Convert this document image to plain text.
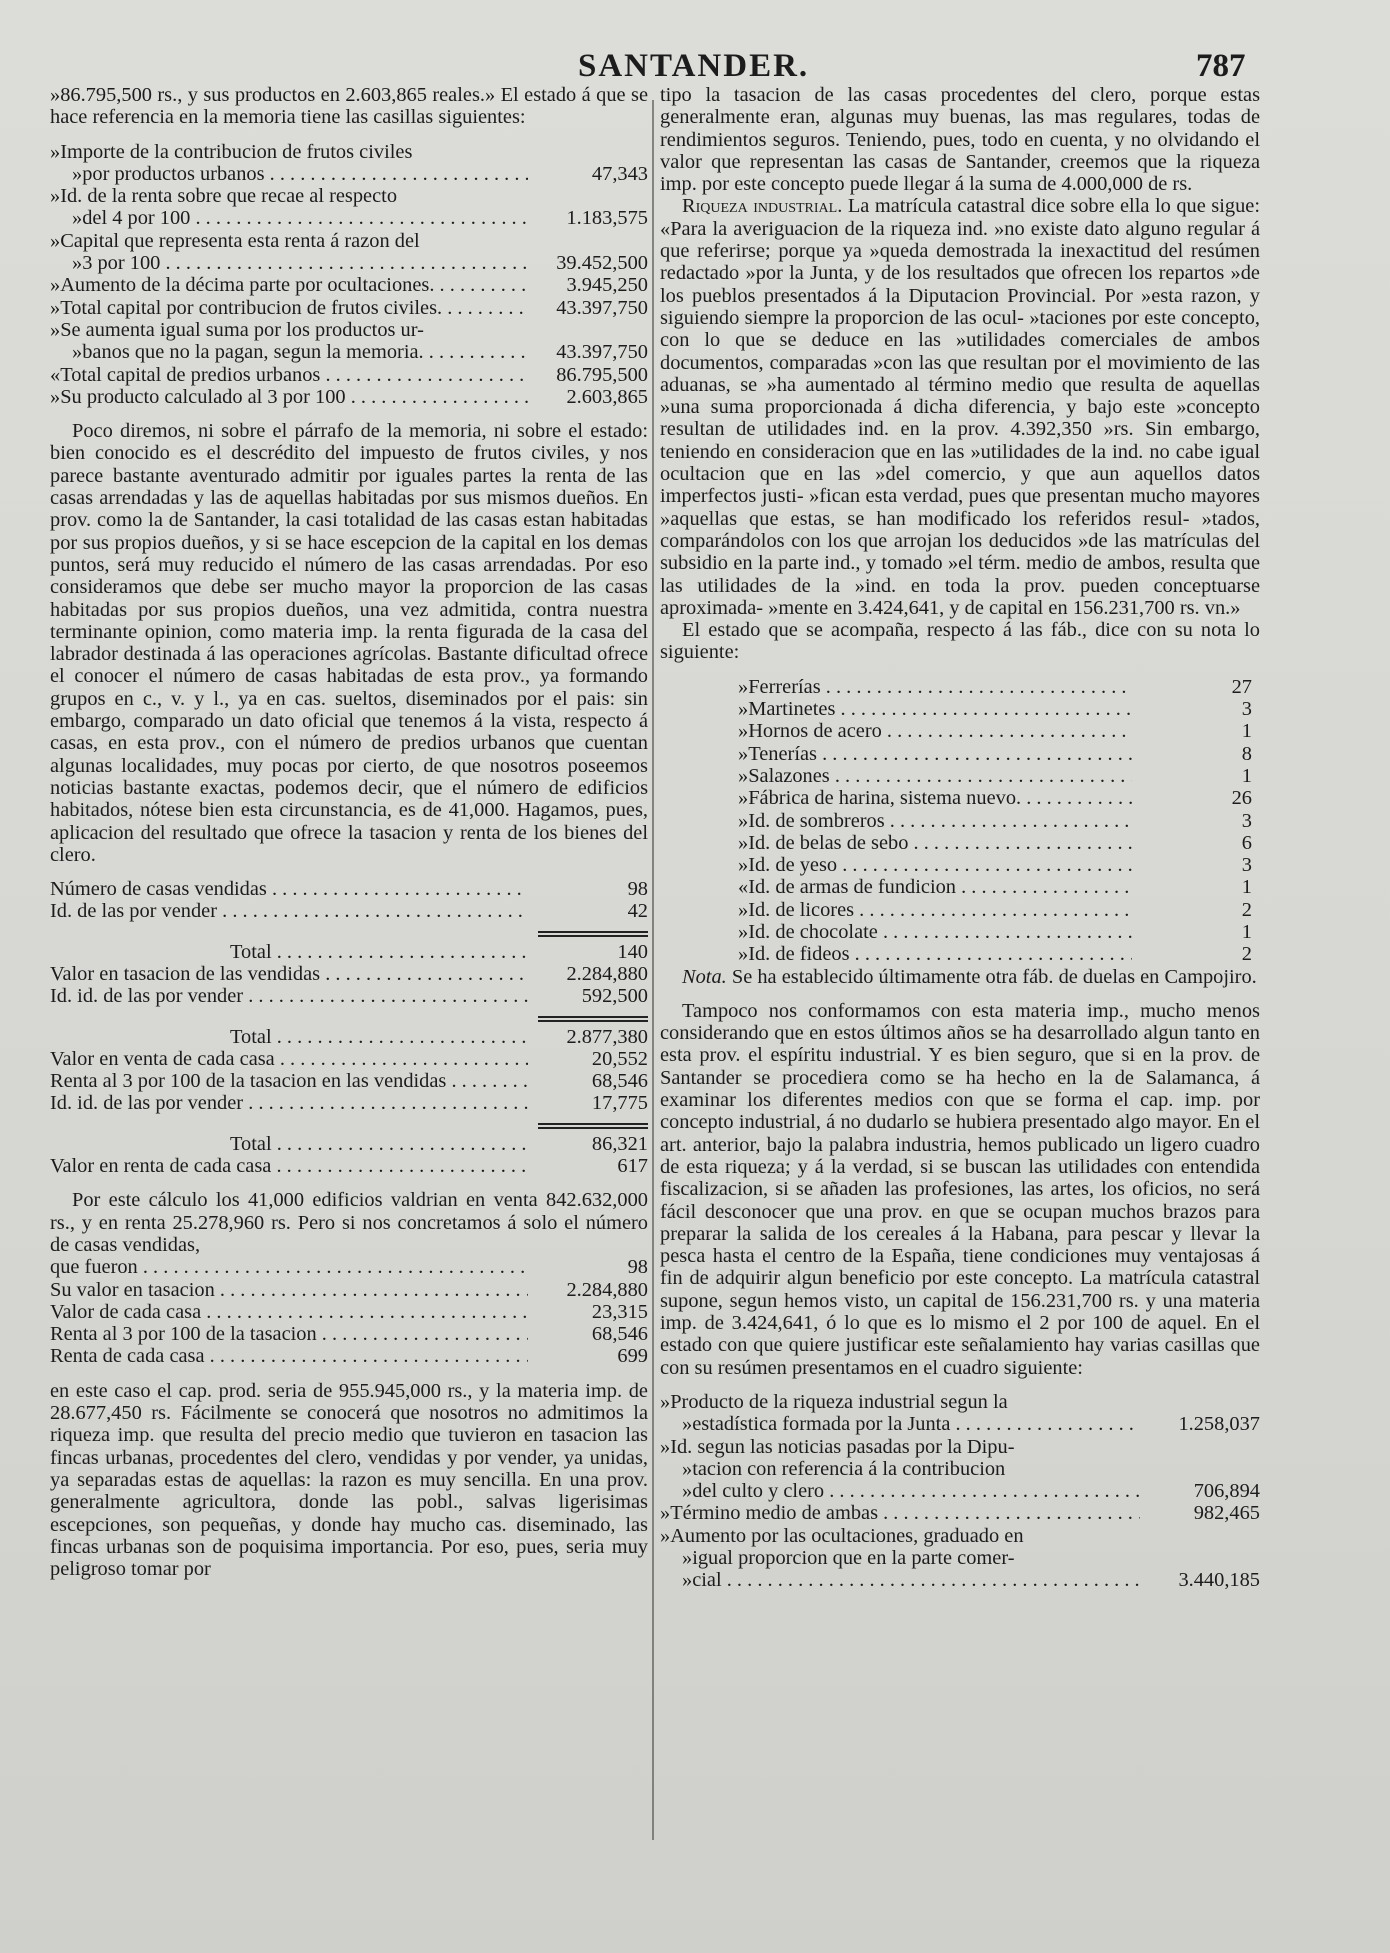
SANTANDER.	787

»86.795,500 rs., y sus productos en 2.603,865 reales.» El estado á que se hace referencia en la memoria tiene las casillas siguientes:

»Importe de la contribucion de frutos civiles
»por productos urbanos . . .	47,343
»Id. de la renta sobre que recae al respecto
»del 4 por 100 . . .	1.183,575
»Capital que representa esta renta á razon del
»3 por 100 . . .	39.452,500
»Aumento de la décima parte por ocultaciones. . . .	3.945,250
»Total capital por contribucion de frutos civiles. . . .	43.397,750
»Se aumenta igual suma por los productos ur-
»banos que no la pagan, segun la memoria. . . . .	43.397,750
«Total capital de predios urbanos . . .	86.795,500
»Su producto calculado al 3 por 100 . . .	2.603,865

Poco diremos, ni sobre el párrafo de la memoria, ni sobre el estado: bien conocido es el descrédito del impuesto de frutos civiles, y nos parece bastante aventurado admitir por iguales partes la renta de las casas arrendadas y las de aquellas habitadas por sus mismos dueños. En prov. como la de Santander, la casi totalidad de las casas estan habitadas por sus propios dueños, y si se hace escepcion de la capital en los demas puntos, será muy reducido el número de las casas arrendadas. Por eso consideramos que debe ser mucho mayor la proporcion de las casas habitadas por sus propios dueños, una vez admitida, contra nuestra terminante opinion, como materia imp. la renta figurada de la casa del labrador destinada á las operaciones agrícolas. Bastante dificultad ofrece el conocer el número de casas habitadas de esta prov., ya formando grupos en c., v. y l., ya en cas. sueltos, diseminados por el pais: sin embargo, comparado un dato oficial que tenemos á la vista, respecto á casas, en esta prov., con el número de predios urbanos que cuentan algunas localidades, muy pocas por cierto, de que nosotros poseemos noticias bastante exactas, podemos decir, que el número de edificios habitados, nótese bien esta circunstancia, es de 41,000. Hagamos, pues, aplicacion del resultado que ofrece la tasacion y renta de los bienes del clero.

Número de casas vendidas . . .	98
Id. de las por vender . . .	42
Total . . .	140
Valor en tasacion de las vendidas . . .	2.284,880
Id. id. de las por vender . . .	592,500
Total . . .	2.877,380
Valor en venta de cada casa . . .	20,552
Renta al 3 por 100 de la tasacion en las vendidas . . .	68,546
Id. id. de las por vender . . .	17,775
Total . . .	86,321
Valor en renta de cada casa . . .	617

Por este cálculo los 41,000 edificios valdrian en venta 842.632,000 rs., y en renta 25.278,960 rs. Pero si nos concretamos á solo el número de casas vendidas,

que fueron . . .	98
Su valor en tasacion . . .	2.284,880
Valor de cada casa . . .	23,315
Renta al 3 por 100 de la tasacion . . .	68,546
Renta de cada casa . . .	699

en este caso el cap. prod. seria de 955.945,000 rs., y la materia imp. de 28.677,450 rs. Fácilmente se conocerá que nosotros no admitimos la riqueza imp. que resulta del precio medio que tuvieron en tasacion las fincas urbanas, procedentes del clero, vendidas y por vender, ya unidas, ya separadas estas de aquellas: la razon es muy sencilla. En una prov. generalmente agricultora, donde las pobl., salvas ligerisimas escepciones, son pequeñas, y donde hay mucho cas. diseminado, las fincas urbanas son de poquisima importancia. Por eso, pues, seria muy peligroso tomar por

tipo la tasacion de las casas procedentes del clero, porque estas generalmente eran, algunas muy buenas, las mas regulares, todas de rendimientos seguros. Teniendo, pues, todo en cuenta, y no olvidando el valor que representan las casas de Santander, creemos que la riqueza imp. por este concepto puede llegar á la suma de 4.000,000 de rs.

Riqueza industrial. La matrícula catastral dice sobre ella lo que sigue: «Para la averiguacion de la riqueza ind. »no existe dato alguno regular á que referirse; porque ya »queda demostrada la inexactitud del resúmen redactado »por la Junta, y de los resultados que ofrecen los repartos »de los pueblos presentados á la Diputacion Provincial. Por »esta razon, y siguiendo siempre la proporcion de las ocul- »taciones por este concepto, con lo que se deduce en las »utilidades comerciales de ambos documentos, comparadas »con las que resultan por el movimiento de las aduanas, se »ha aumentado al término medio que resulta de aquellas »una suma proporcionada á dicha diferencia, y bajo este »concepto resultan de utilidades ind. en la prov. 4.392,350 »rs. Sin embargo, teniendo en consideracion que en las »utilidades de la ind. no cabe igual ocultacion que en las »del comercio, y que aun aquellos datos imperfectos justi- »fican esta verdad, pues que presentan mucho mayores »aquellas que estas, se han modificado los referidos resul- »tados, comparándolos con los que arrojan los deducidos »de las matrículas del subsidio en la parte ind., y tomado »el térm. medio de ambos, resulta que las utilidades de la »ind. en toda la prov. pueden conceptuarse aproximada- »mente en 3.424,641, y de capital en 156.231,700 rs. vn.»

El estado que se acompaña, respecto á las fáb., dice con su nota lo siguiente:

»Ferrerías . . .	27
»Martinetes . . .	3
»Hornos de acero . . .	1
»Tenerías . . .	8
»Salazones . . .	1
»Fábrica de harina, sistema nuevo. . . . . .	26
»Id. de sombreros . . .	3
»Id. de belas de sebo . . .	6
»Id. de yeso . . .	3
«Id. de armas de fundicion . . .	1
»Id. de licores . . .	2
»Id. de chocolate . . .	1
»Id. de fideos . . .	2

Nota. Se ha establecido últimamente otra fáb. de duelas en Campojiro.

Tampoco nos conformamos con esta materia imp., mucho menos considerando que en estos últimos años se ha desarrollado algun tanto en esta prov. el espíritu industrial. Y es bien seguro, que si en la prov. de Santander se procediera como se ha hecho en la de Salamanca, á examinar los diferentes medios con que se forma el cap. imp. por concepto industrial, á no dudarlo se hubiera presentado algo mayor. En el art. anterior, bajo la palabra industria, hemos publicado un ligero cuadro de esta riqueza; y á la verdad, si se buscan las utilidades con entendida fiscalizacion, si se añaden las profesiones, las artes, los oficios, no será fácil desconocer que una prov. en que se ocupan muchos brazos para preparar la salida de los cereales á la Habana, para pescar y llevar la pesca hasta el centro de la España, tiene condiciones muy ventajosas á fin de adquirir algun beneficio por este concepto. La matrícula catastral supone, segun hemos visto, un capital de 156.231,700 rs. y una materia imp. de 3.424,641, ó lo que es lo mismo el 2 por 100 de aquel. En el estado con que quiere justificar este señalamiento hay varias casillas que con su resúmen presentamos en el cuadro siguiente:

»Producto de la riqueza industrial segun la
»estadística formada por la Junta . . .	1.258,037
»Id. segun las noticias pasadas por la Dipu-
»tacion con referencia á la contribucion
»del culto y clero . . .	706,894
»Término medio de ambas . . .	982,465
»Aumento por las ocultaciones, graduado en
»igual proporcion que en la parte comer-
»cial . . .	3.440,185
